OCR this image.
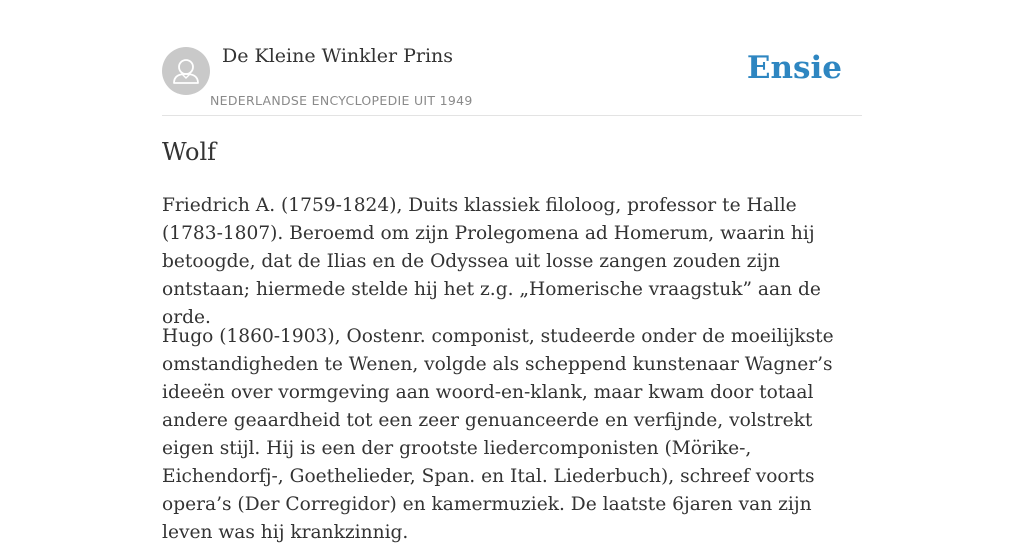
De Kleine Winkler Prins
NEDERLANDSE ENCYCLOPEDIE UIT 1949
Ensie
Wolf

Friedrich A. (1759-1824), Duits klassiek filoloog, professor te Halle (1783-1807). Beroemd om zijn Prolegomena ad Homerum, waarin hij betoogde, dat de Ilias en de Odyssea uit losse zangen zouden zijn ontstaan; hiermede stelde hij het z.g. „Homerische vraagstuk” aan de orde.

Hugo (1860-1903), Oostenr. componist, studeerde onder de moeilijkste omstandigheden te Wenen, volgde als scheppend kunstenaar Wagner’s ideeën over vormgeving aan woord-en-klank, maar kwam door totaal andere geaardheid tot een zeer genuanceerde en verfijnde, volstrekt eigen stijl. Hij is een der grootste liedercomponisten (Mörike-, Eichendorfj-, Goethelieder, Span. en Ital. Liederbuch), schreef voorts opera’s (Der Corregidor) en kamermuziek. De laatste 6jaren van zijn leven was hij krankzinnig.
